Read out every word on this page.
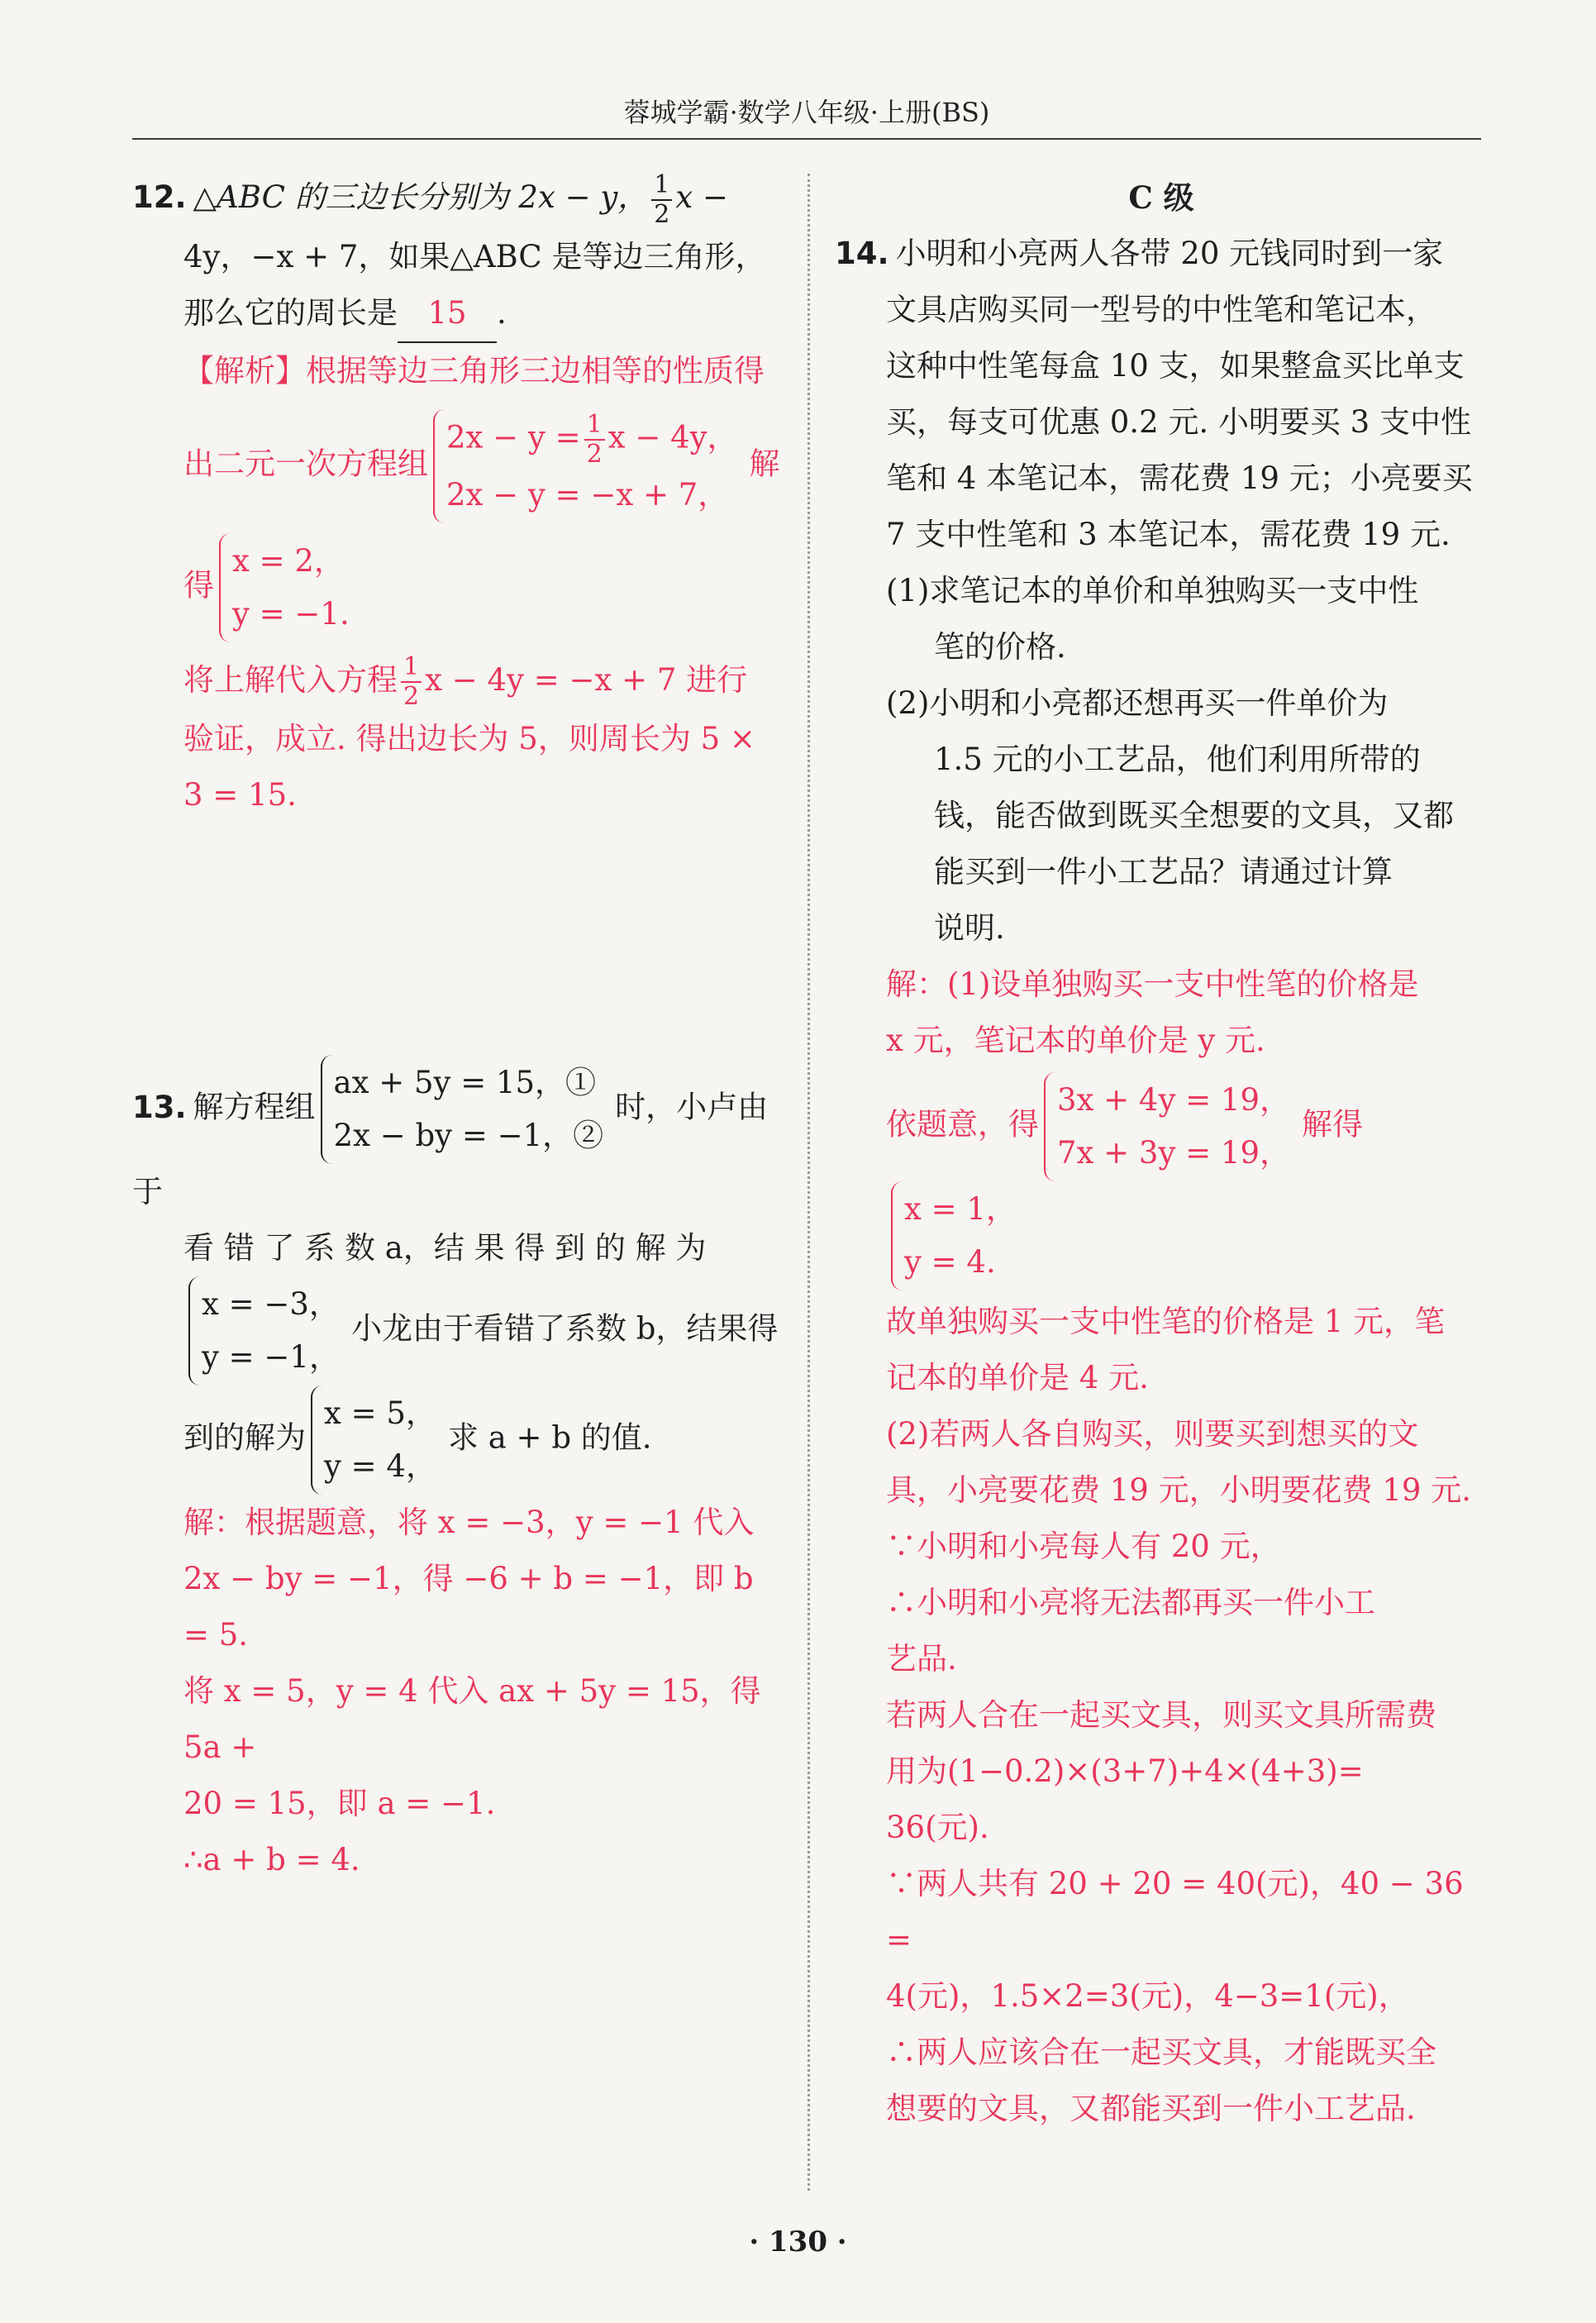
蓉城学霸·数学八年级·上册(BS)
12. △ABC 的三边长分别为 2x − y， $\frac{1}{2}$ x −
4y，−x + 7，如果△ABC 是等边三角形，
那么它的周长是 15 .
【解析】根据等边三角形三边相等的性质得
出二元一次方程组
$2x - y = \frac{1}{2}$ x − 4y，
2x − y = −x + 7，
解
得
x = 2，
y = −1.
将上解代入方程 $\frac{1}{2}$ x − 4y = −x + 7 进行
验证，成立. 得出边长为 5，则周长为 5 ×
3 = 15.
13. 解方程组
ax + 5y = 15，①
2x − by = −1，②
时，小卢由于
看 错 了 系 数 a，结 果 得 到 的 解 为
x = −3，
y = −1，
小龙由于看错了系数 b，结果得
到的解为
x = 5，
y = 4，
求 a + b 的值.
解：根据题意，将 x = −3，y = −1 代入
2x − by = −1，得 −6 + b = −1，即 b = 5.
将 x = 5，y = 4 代入 ax + 5y = 15，得 5a +
20 = 15，即 a = −1.
∴a + b = 4.
C 级
14. 小明和小亮两人各带 20 元钱同时到一家
文具店购买同一型号的中性笔和笔记本，
这种中性笔每盒 10 支，如果整盒买比单支
买，每支可优惠 0.2 元. 小明要买 3 支中性
笔和 4 本笔记本，需花费 19 元；小亮要买
7 支中性笔和 3 本笔记本，需花费 19 元.
(1)求笔记本的单价和单独购买一支中性
笔的价格.
(2)小明和小亮都还想再买一件单价为
1.5 元的小工艺品，他们利用所带的
钱，能否做到既买全想要的文具，又都
能买到一件小工艺品？请通过计算
说明.
解：(1)设单独购买一支中性笔的价格是
x 元，笔记本的单价是 y 元.
依题意，得
3x + 4y = 19，
7x + 3y = 19，
解得
x = 1，
y = 4.
故单独购买一支中性笔的价格是 1 元，笔
记本的单价是 4 元.
(2)若两人各自购买，则要买到想买的文
具，小亮要花费 19 元，小明要花费 19 元.
∵小明和小亮每人有 20 元，
∴小明和小亮将无法都再买一件小工
艺品.
若两人合在一起买文具，则买文具所需费
用为(1−0.2)×(3+7)+4×(4+3)=
36(元).
∵两人共有 20 + 20 = 40(元)，40 − 36 =
4(元)，1.5×2=3(元)，4−3=1(元)，
∴两人应该合在一起买文具，才能既买全
想要的文具，又都能买到一件小工艺品.
· 130 ·
